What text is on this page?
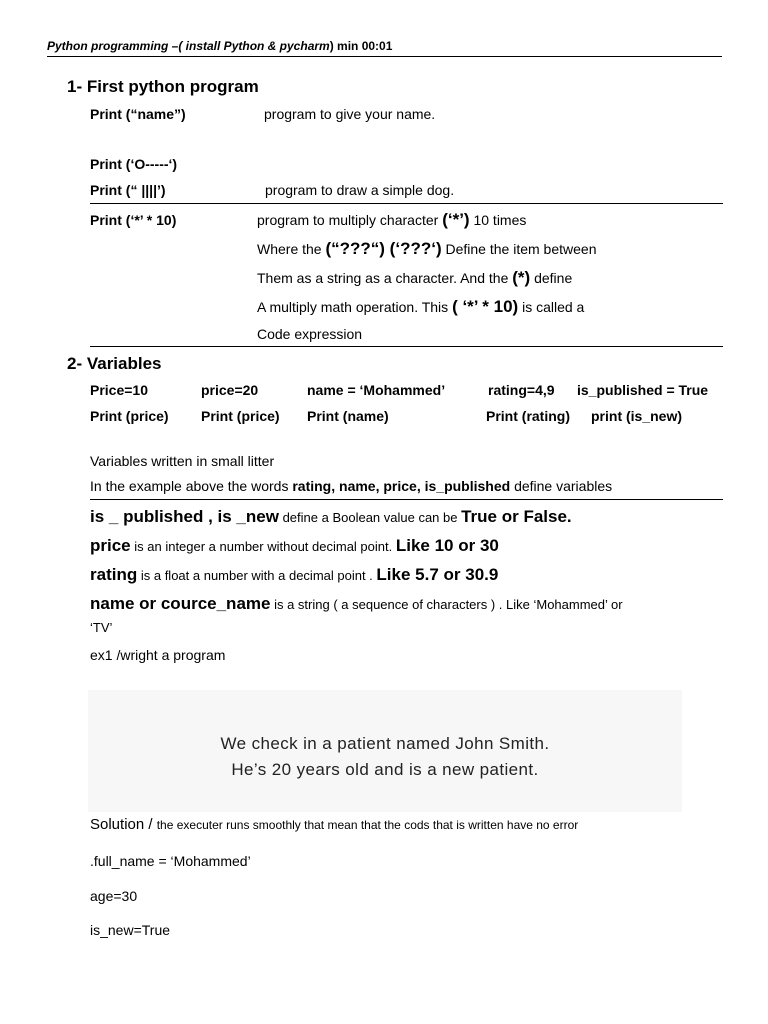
Python programming –( install Python & pycharm) min 00:01
1- First python program
Print (“name”)	program to give your name.
Print (‘O-----‘)
Print (“ ||||’)	program to draw a simple dog.
Print (‘*’ * 10)	program to multiply character (‘*’) 10 times
Where the (“???“) (‘???‘) Define the item between
Them as a string as a character. And the (*) define
A multiply math operation. This ( ‘*’ * 10) is called a
Code expression
2- Variables
Price=10	price=20	name = ‘Mohammed’	rating=4,9 is_published = True
Print (price) Print (price) Print (name)	Print (rating) print (is_new)
Variables written in small litter
In the example above the words rating, name, price, is_published define variables
is _ published , is _new define a Boolean value can be True or False.
price is an integer a number without decimal point. Like 10 or 30
rating is a float a number with a decimal point . Like 5.7 or 30.9
name or cource_name is a string ( a sequence of characters ) . Like ‘Mohammed’ or
‘TV’
ex1 /wright a program
We check in a patient named John Smith.
He’s 20 years old and is a new patient.
Solution / the executer runs smoothly that mean that the cods that is written have no error
.full_name = ‘Mohammed’
age=30
is_new=True
